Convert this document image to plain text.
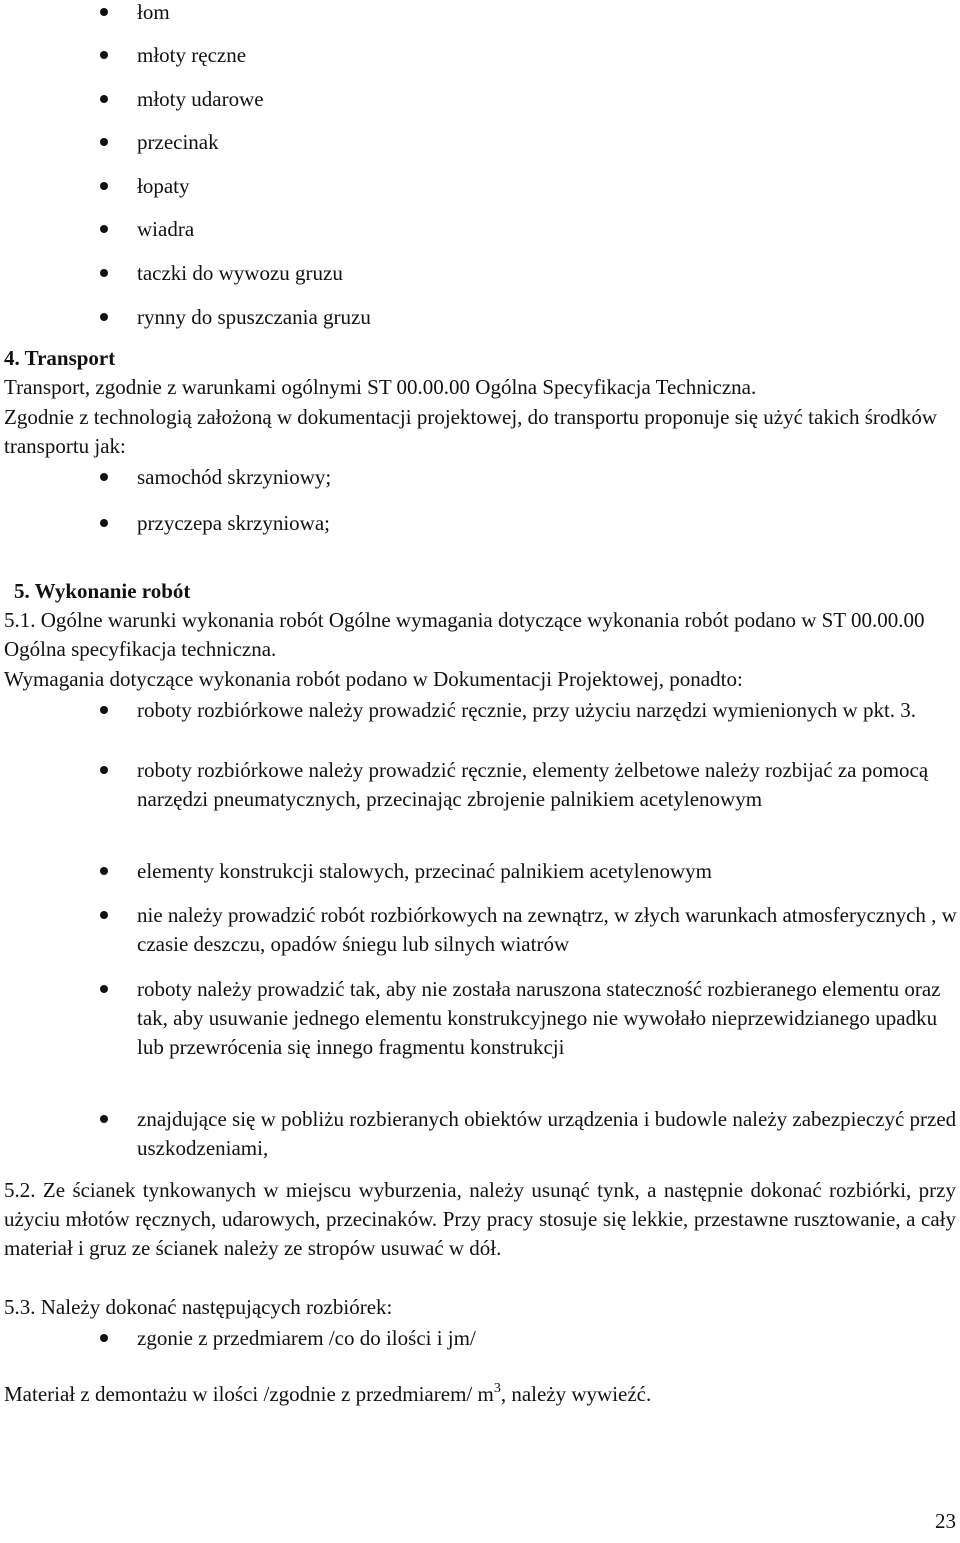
łom

młoty ręczne

młoty udarowe

przecinak

łopaty

wiadra

taczki do wywozu gruzu

rynny do spuszczania gruzu

4. Transport

Transport, zgodnie z warunkami ogólnymi ST 00.00.00 Ogólna Specyfikacja Techniczna.

Zgodnie z technologią założoną w dokumentacji projektowej, do transportu proponuje się użyć takich środków transportu jak:

samochód skrzyniowy;

przyczepa skrzyniowa;

5. Wykonanie robót

5.1. Ogólne warunki wykonania robót Ogólne wymagania dotyczące wykonania robót podano w ST 00.00.00 Ogólna specyfikacja techniczna.

Wymagania dotyczące wykonania robót podano w Dokumentacji Projektowej, ponadto:

roboty rozbiórkowe należy prowadzić ręcznie, przy użyciu narzędzi wymienionych w pkt. 3.

roboty rozbiórkowe należy prowadzić ręcznie, elementy żelbetowe należy rozbijać za pomocą narzędzi pneumatycznych, przecinając zbrojenie palnikiem acetylenowym

elementy konstrukcji stalowych, przecinać palnikiem acetylenowym

nie należy prowadzić robót rozbiórkowych na zewnątrz, w złych warunkach atmosferycznych , w czasie deszczu, opadów śniegu lub silnych wiatrów

roboty należy prowadzić tak, aby nie została naruszona stateczność rozbieranego elementu oraz tak, aby usuwanie jednego elementu konstrukcyjnego nie wywołało nieprzewidzianego upadku lub przewrócenia się innego fragmentu konstrukcji

znajdujące się w pobliżu rozbieranych obiektów urządzenia i budowle należy zabezpieczyć przed uszkodzeniami,

5.2. Ze ścianek tynkowanych w miejscu wyburzenia, należy usunąć tynk, a następnie dokonać rozbiórki, przy użyciu młotów ręcznych, udarowych, przecinaków. Przy pracy stosuje się lekkie, przestawne rusztowanie, a cały materiał i gruz ze ścianek należy ze stropów usuwać w dół.

5.3. Należy dokonać następujących rozbiórek:

zgonie z przedmiarem /co do ilości i jm/

Materiał z demontażu w ilości /zgodnie z przedmiarem/ $m^3$, należy wywieźć.

23
